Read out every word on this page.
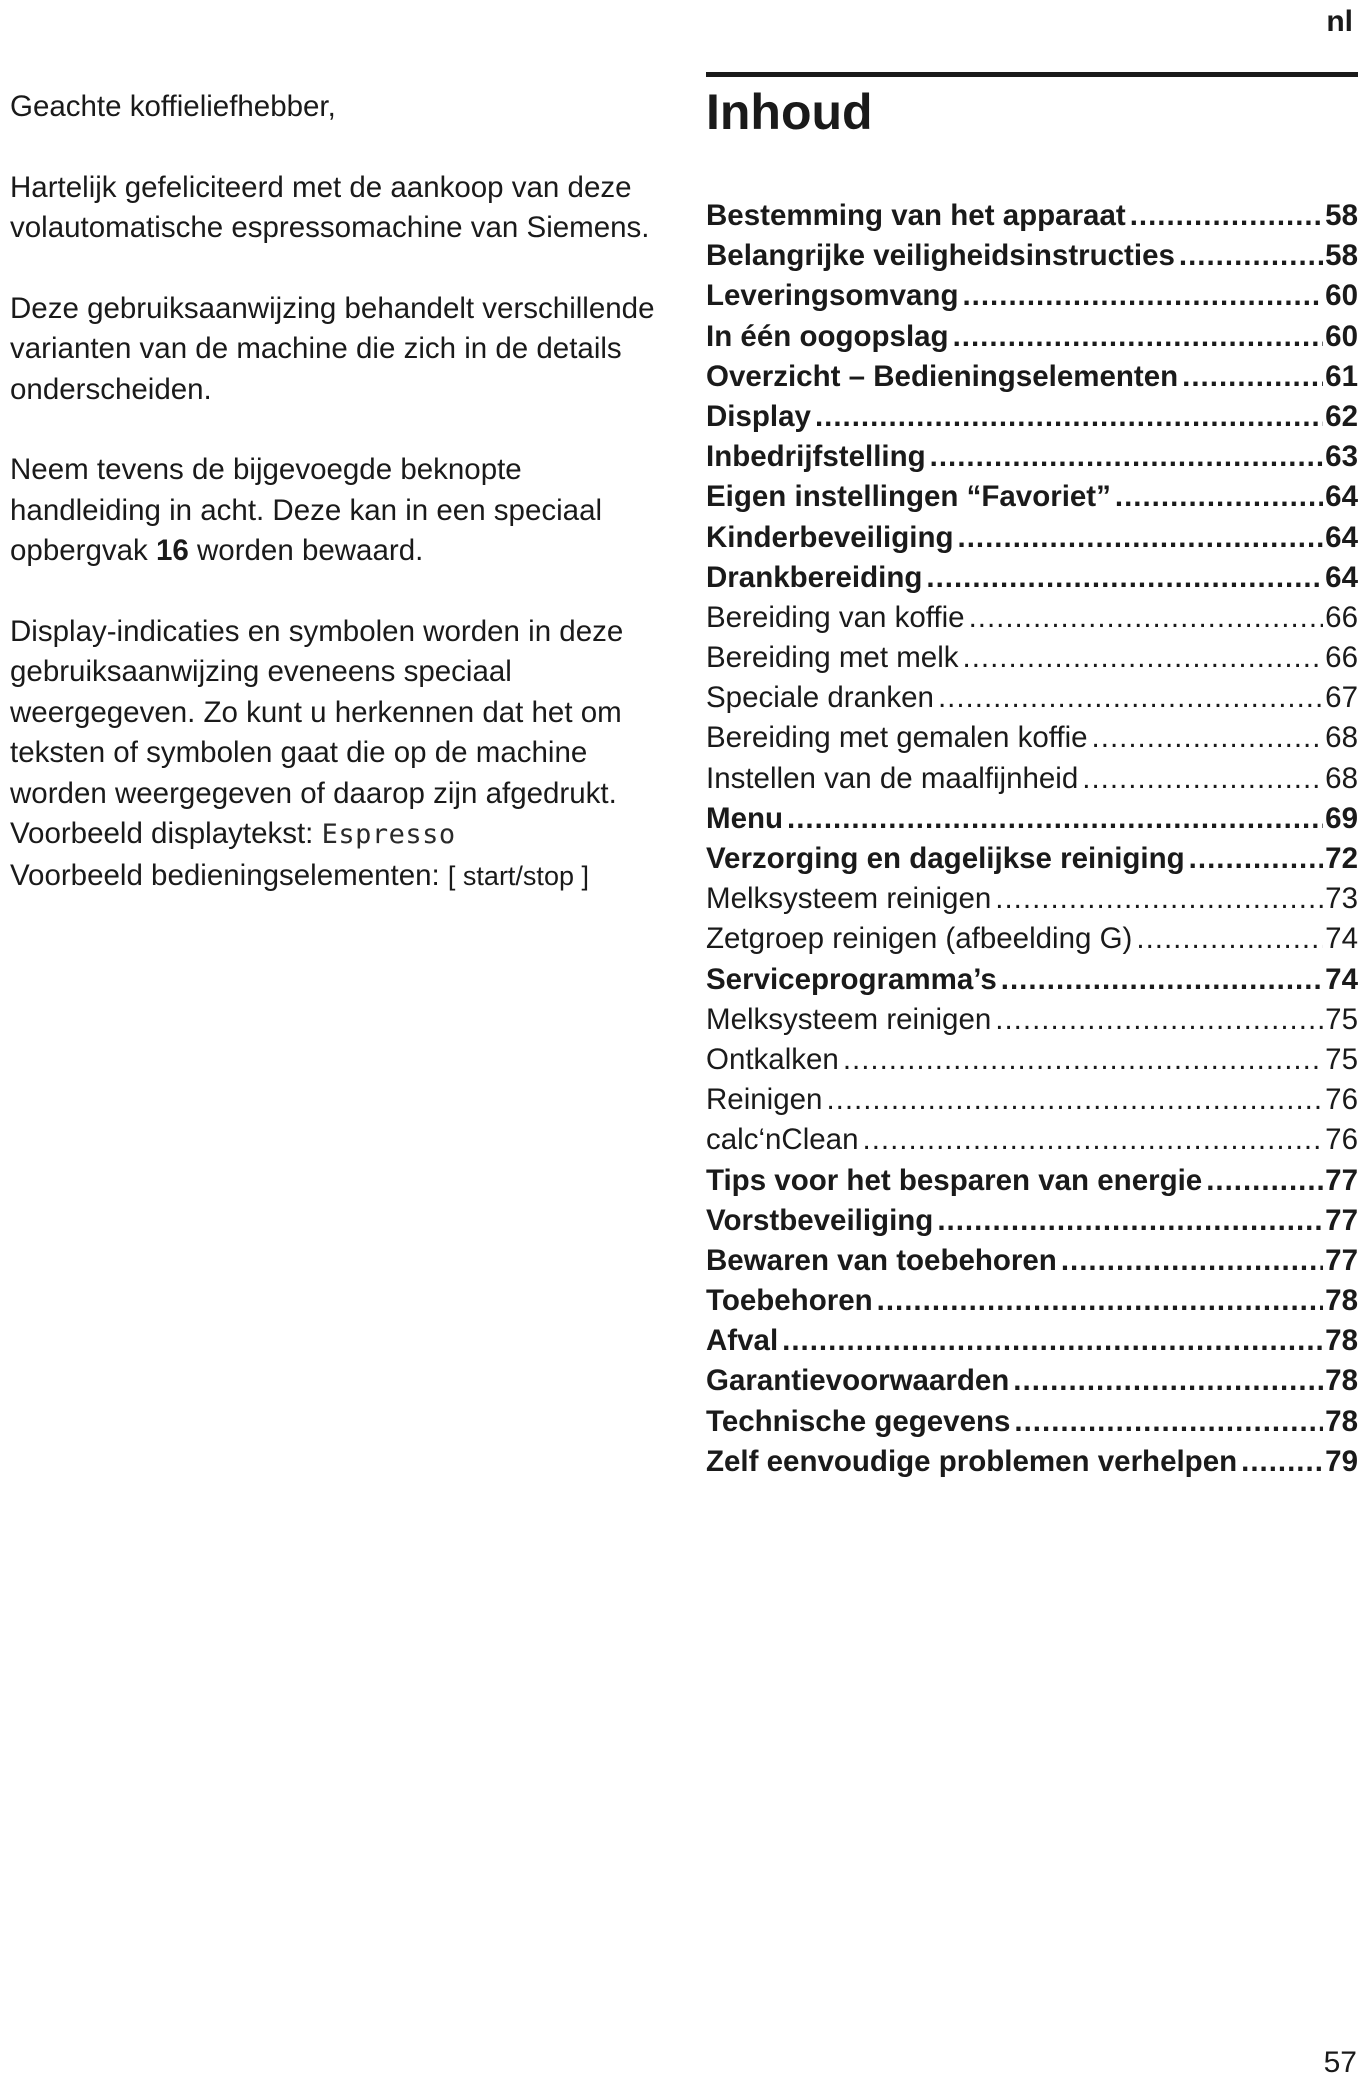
nl

Geachte koffieliefhebber,

Hartelijk gefeliciteerd met de aankoop van deze volautomatische espressomachine van Siemens.

Deze gebruiksaanwijzing behandelt verschillende varianten van de machine die zich in de details onderscheiden.

Neem tevens de bijgevoegde beknopte handleiding in acht. Deze kan in een speciaal opbergvak 16 worden bewaard.

Display-indicaties en symbolen worden in deze gebruiksaanwijzing eveneens speciaal weergegeven. Zo kunt u herkennen dat het om teksten of symbolen gaat die op de machine worden weergegeven of daarop zijn afgedrukt.

Voorbeeld displaytekst: Espresso

Voorbeeld bedieningselementen: [ start/stop ]

Inhoud
Bestemming van het apparaat .....	58
Belangrijke veiligheidsinstructies .....	58
Leveringsomvang .....	60
In één oogopslag .....	60
Overzicht – Bedieningselementen .....	61
Display .....	62
Inbedrijfstelling .....	63
Eigen instellingen “Favoriet” .....	64
Kinderbeveiliging .....	64
Drankbereiding .....	64
Bereiding van koffie .....	66
Bereiding met melk .....	66
Speciale dranken .....	67
Bereiding met gemalen koffie .....	68
Instellen van de maalfijnheid .....	68
Menu .....	69
Verzorging en dagelijkse reiniging .....	72
Melksysteem reinigen .....	73
Zetgroep reinigen (afbeelding G) .....	74
Serviceprogramma’s .....	74
Melksysteem reinigen .....	75
Ontkalken .....	75
Reinigen .....	76
calc‘nClean .....	76
Tips voor het besparen van energie .....	77
Vorstbeveiliging .....	77
Bewaren van toebehoren .....	77
Toebehoren .....	78
Afval .....	78
Garantievoorwaarden .....	78
Technische gegevens .....	78
Zelf eenvoudige problemen verhelpen .....	79
57
